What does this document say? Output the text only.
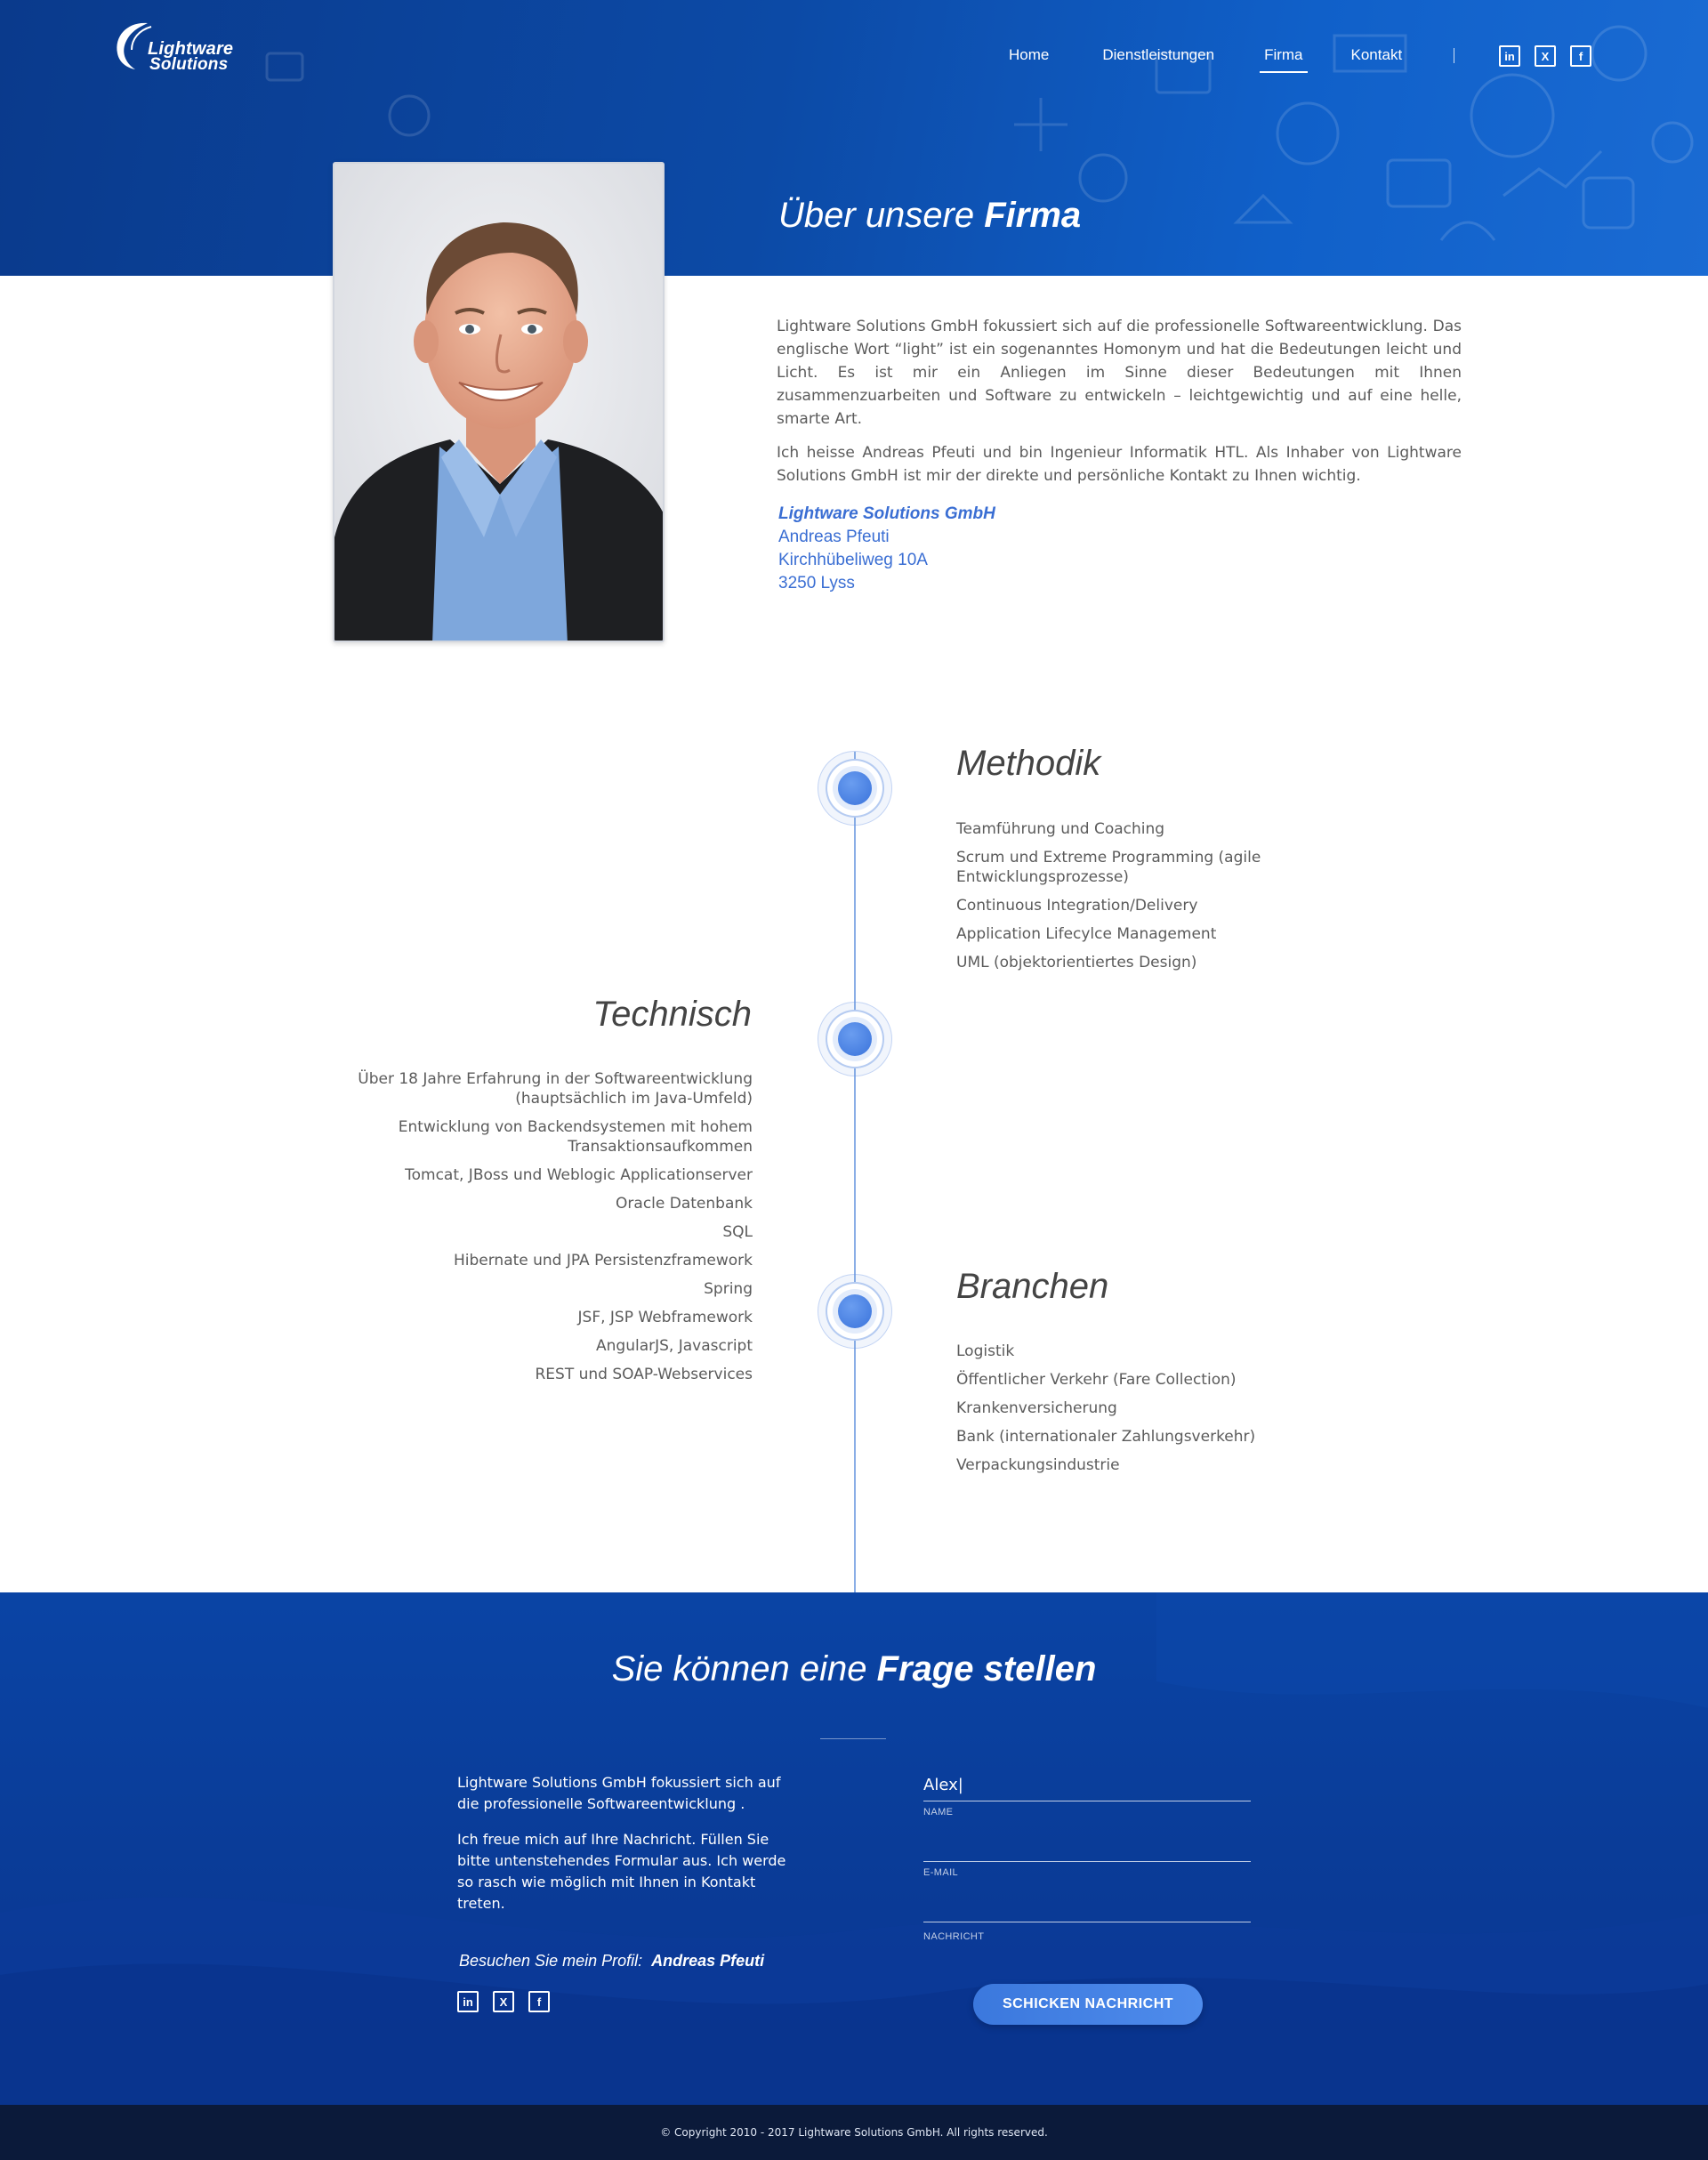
Lightware
Solutions
Home	Dienstleistungen	Firma	Kontakt	in	X	f
Über unsere Firma

Lightware Solutions GmbH fokussiert sich auf die professionelle Softwareentwicklung. Das englische Wort “light” ist ein sogenanntes Homonym und hat die Bedeutungen leicht und Licht. Es ist mir ein Anliegen im Sinne dieser Bedeutungen mit Ihnen zusammenzuarbeiten und Software zu entwickeln – leichtgewichtig und auf eine helle, smarte Art.

Ich heisse Andreas Pfeuti und bin Ingenieur Informatik HTL. Als Inhaber von Lightware Solutions GmbH ist mir der direkte und persönliche Kontakt zu Ihnen wichtig.

Lightware Solutions GmbH
Andreas Pfeuti
Kirchhübeliweg 10A
3250 Lyss
Methodik
Teamführung und Coaching
Scrum und Extreme Programming (agile Entwicklungsprozesse)
Continuous Integration/Delivery
Application Lifecylce Management
UML (objektorientiertes Design)
Technisch
Über 18 Jahre Erfahrung in der Softwareentwicklung (hauptsächlich im Java-Umfeld)
Entwicklung von Backendsystemen mit hohem Transaktionsaufkommen
Tomcat, JBoss und Weblogic Applicationserver
Oracle Datenbank
SQL
Hibernate und JPA Persistenzframework
Spring
JSF, JSP Webframework
AngularJS, Javascript
REST und SOAP-Webservices
Branchen
Logistik
Öffentlicher Verkehr (Fare Collection)
Krankenversicherung
Bank (internationaler Zahlungsverkehr)
Verpackungsindustrie
Sie können eine Frage stellen

Lightware Solutions GmbH fokussiert sich auf die professionelle Softwareentwicklung .

Ich freue mich auf Ihre Nachricht. Füllen Sie bitte untenstehendes Formular aus. Ich werde so rasch wie möglich mit Ihnen in Kontakt treten.

Besuchen Sie mein Profil: Andreas Pfeuti
in	X	f
Alex|
NAME
E-MAIL
NACHRICHT
SCHICKEN NACHRICHT
© Copyright 2010 - 2017 Lightware Solutions GmbH. All rights reserved.
